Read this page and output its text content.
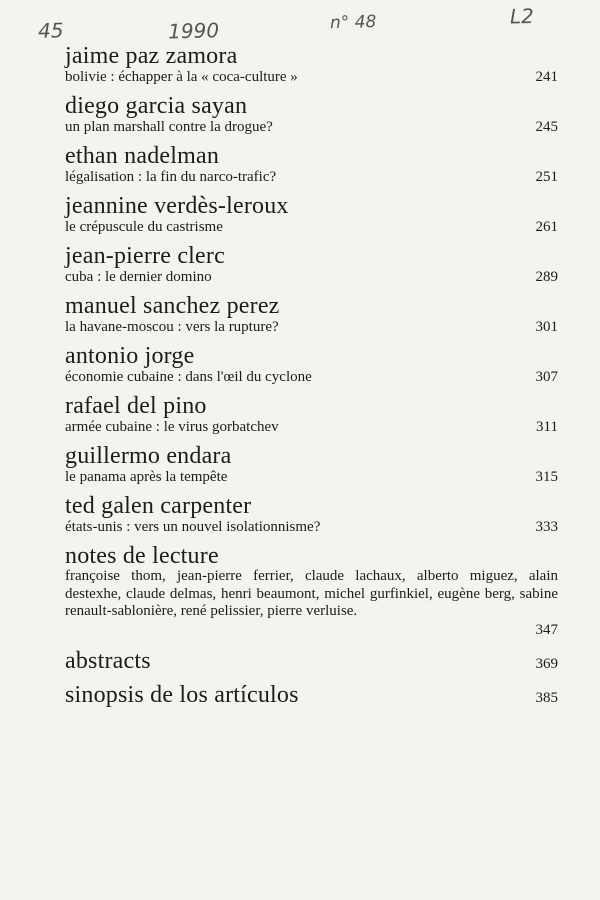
45	1990	n° 48	L2
jaime paz zamora
bolivie : échapper à la « coca-culture »	241
diego garcia sayan
un plan marshall contre la drogue?	245
ethan nadelman
légalisation : la fin du narco-trafic?	251
jeannine verdès-leroux
le crépuscule du castrisme	261
jean-pierre clerc
cuba : le dernier domino	289
manuel sanchez perez
la havane-moscou : vers la rupture?	301
antonio jorge
économie cubaine : dans l'œil du cyclone	307
rafael del pino
armée cubaine : le virus gorbatchev	311
guillermo endara
le panama après la tempête	315
ted galen carpenter
états-unis : vers un nouvel isolationnisme?	333
notes de lecture
françoise thom, jean-pierre ferrier, claude lachaux, alberto miguez, alain destexhe, claude delmas, henri beaumont, michel gurfinkiel, eugène berg, sabine renault-sablonière, rené pelissier, pierre verluise.
347
abstracts	369
sinopsis de los artículos	385
